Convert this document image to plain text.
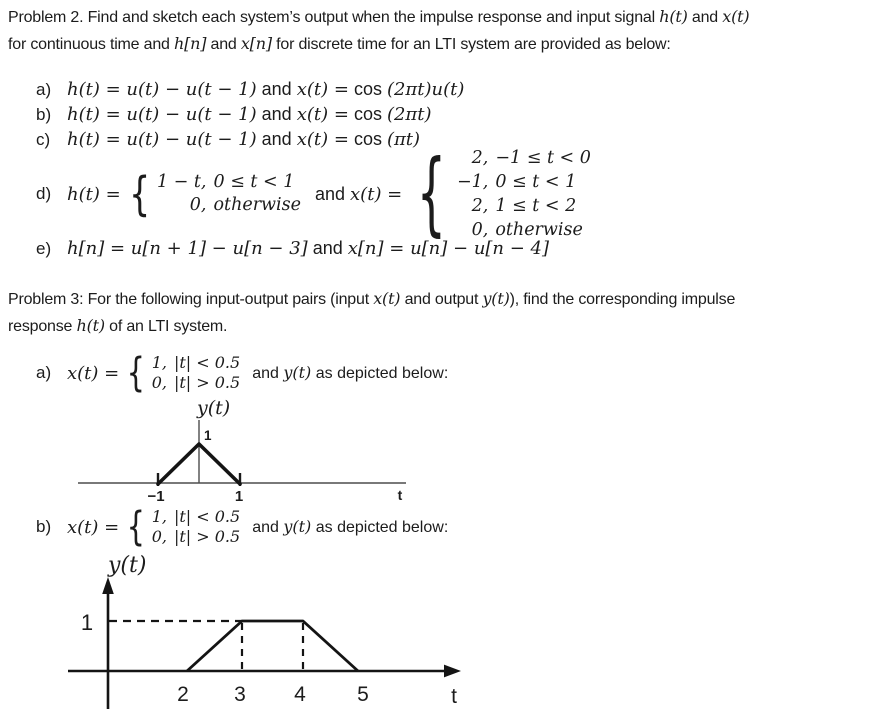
Problem 2. Find and sketch each system’s output when the impulse response and input signal h(t) and x(t)
for continuous time and h[n] and x[n] for discrete time for an LTI system are provided as below:
a) h(t) = u(t) − u(t − 1) and x(t) = cos (2πt)u(t)
b) h(t) = u(t) − u(t − 1) and x(t) = cos (2πt)
c) h(t) = u(t) − u(t − 1) and x(t) = cos (πt)
d) h(t) = { 1 − t, 0 ≤ t < 1
0, otherwise
and x(t) = {	2, −1 ≤ t < 0
−1, 0 ≤ t < 1
2, 1 ≤ t < 2
0, otherwise
e) h[n] = u[n + 1] − u[n − 3] and x[n] = u[n] − u[n − 4]
Problem 3: For the following input-output pairs (input x(t) and output y(t)), find the corresponding impulse
response h(t) of an LTI system.
a) x(t) = { 1, |t| < 0.5
0, |t| > 0.5 and y(t) as depicted below:
y(t)
1
−1	1	t
b) x(t) = { 1, |t| < 0.5
0, |t| > 0.5 and y(t) as depicted below:
y(t)
1
2 3 4 5	t
